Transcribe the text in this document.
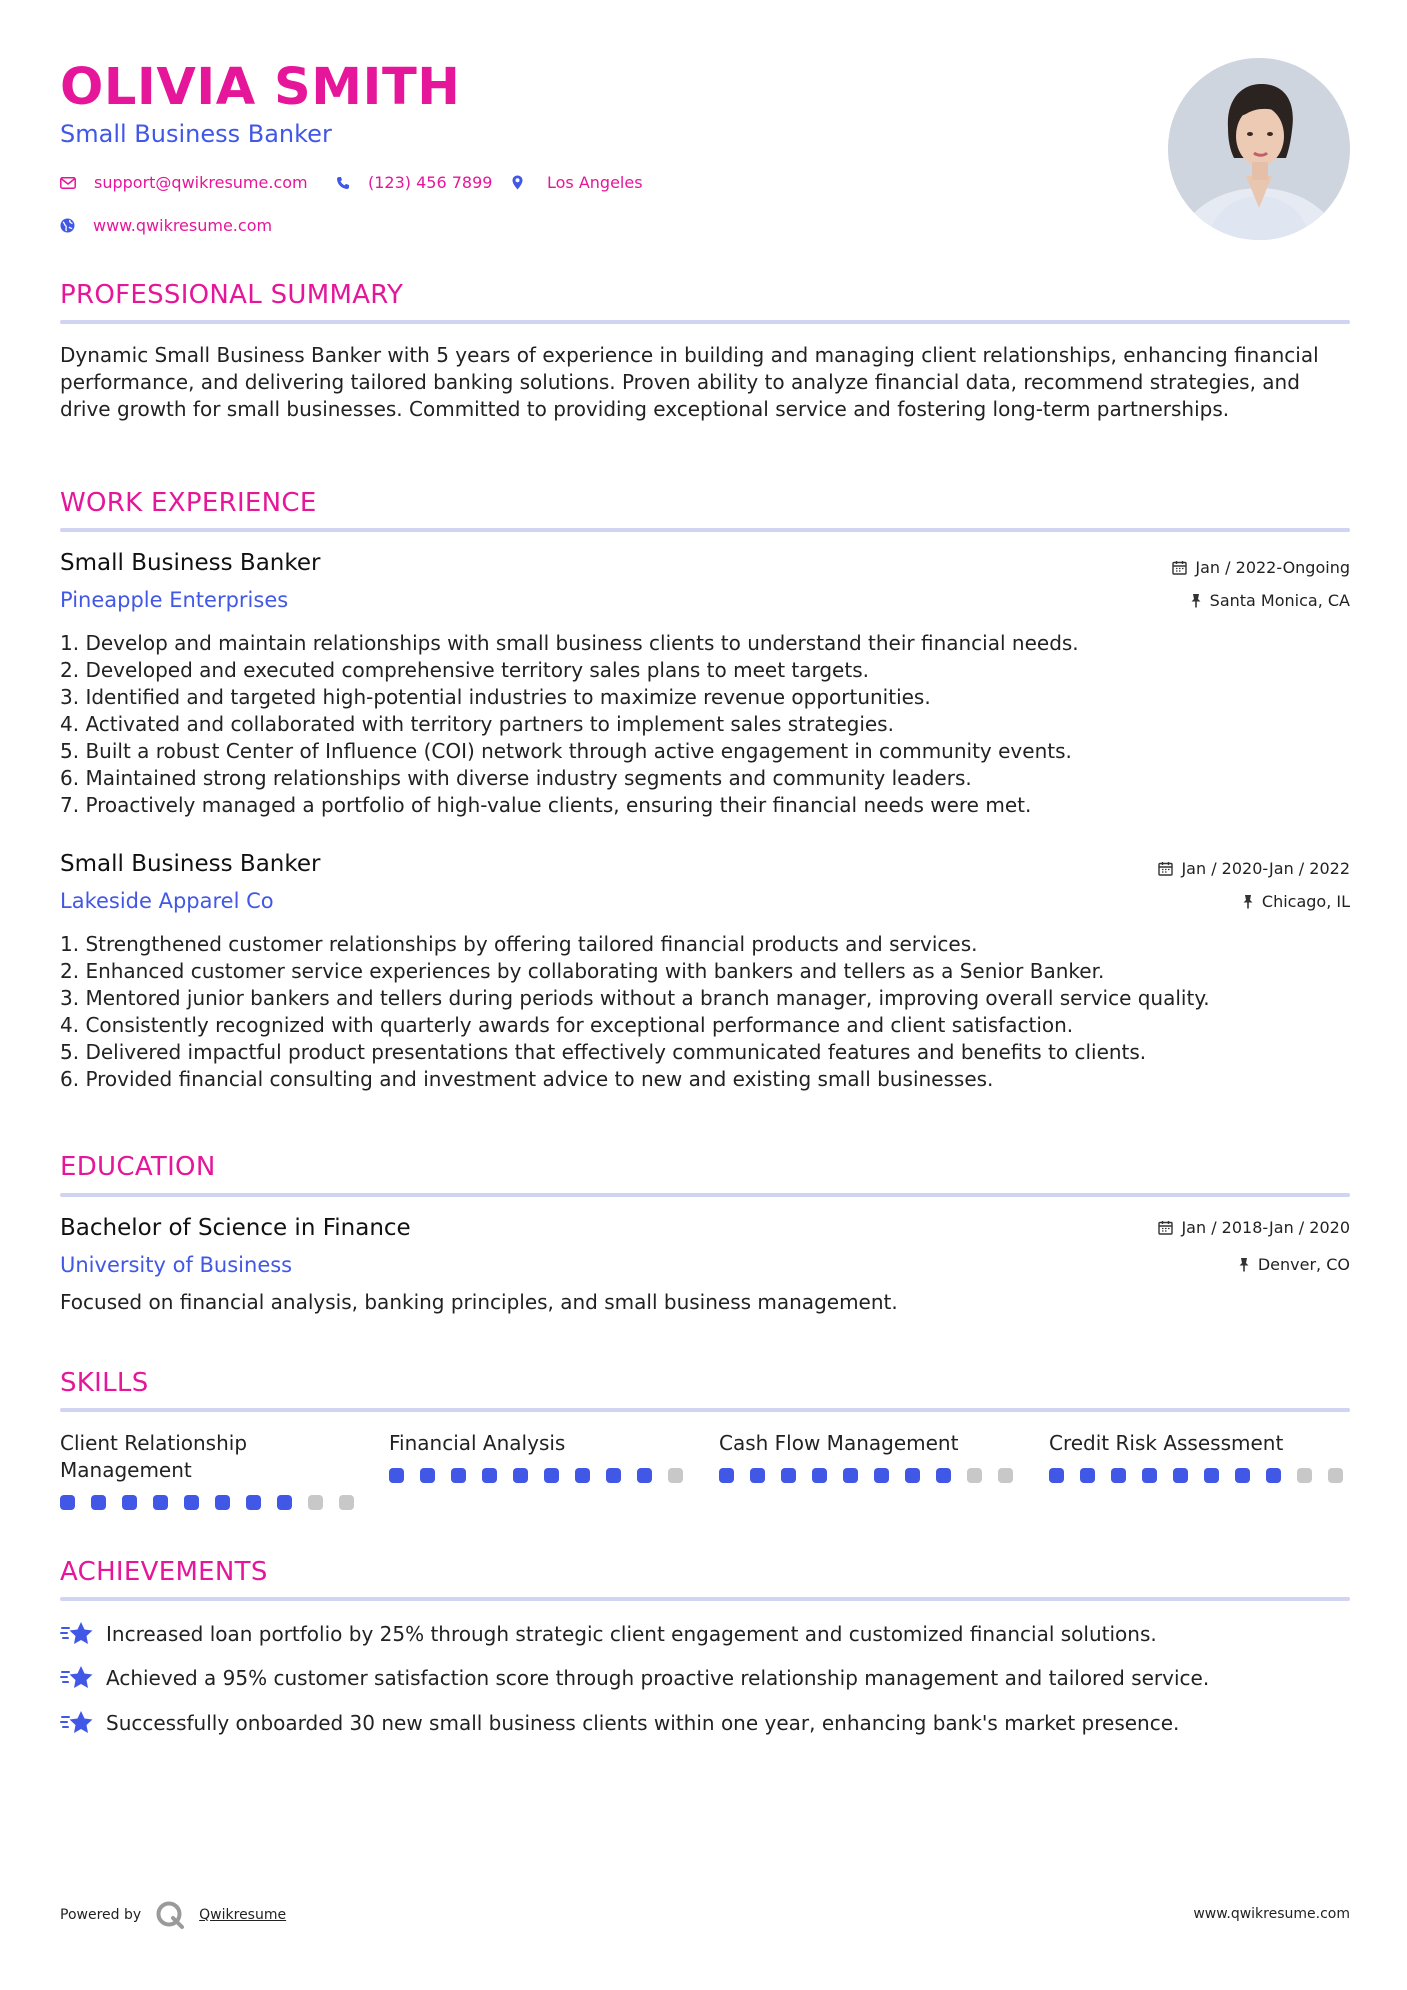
OLIVIA SMITH
Small Business Banker
support@qwikresume.com	(123) 456 7899	Los Angeles
www.qwikresume.com
PROFESSIONAL SUMMARY
Dynamic Small Business Banker with 5 years of experience in building and managing client relationships, enhancing financial performance, and delivering tailored banking solutions. Proven ability to analyze financial data, recommend strategies, and drive growth for small businesses. Committed to providing exceptional service and fostering long-term partnerships.
WORK EXPERIENCE
Small Business Banker
Pineapple Enterprises
Jan / 2022-Ongoing
Santa Monica, CA
1. Develop and maintain relationships with small business clients to understand their financial needs.
2. Developed and executed comprehensive territory sales plans to meet targets.
3. Identified and targeted high-potential industries to maximize revenue opportunities.
4. Activated and collaborated with territory partners to implement sales strategies.
5. Built a robust Center of Influence (COI) network through active engagement in community events.
6. Maintained strong relationships with diverse industry segments and community leaders.
7. Proactively managed a portfolio of high-value clients, ensuring their financial needs were met.
Small Business Banker
Lakeside Apparel Co
Jan / 2020-Jan / 2022
Chicago, IL
1. Strengthened customer relationships by offering tailored financial products and services.
2. Enhanced customer service experiences by collaborating with bankers and tellers as a Senior Banker.
3. Mentored junior bankers and tellers during periods without a branch manager, improving overall service quality.
4. Consistently recognized with quarterly awards for exceptional performance and client satisfaction.
5. Delivered impactful product presentations that effectively communicated features and benefits to clients.
6. Provided financial consulting and investment advice to new and existing small businesses.
EDUCATION
Bachelor of Science in Finance
University of Business
Jan / 2018-Jan / 2020
Denver, CO
Focused on financial analysis, banking principles, and small business management.
SKILLS
Client Relationship Management
Financial Analysis	Cash Flow Management	Credit Risk Assessment
ACHIEVEMENTS
Increased loan portfolio by 25% through strategic client engagement and customized financial solutions.
Achieved a 95% customer satisfaction score through proactive relationship management and tailored service.
Successfully onboarded 30 new small business clients within one year, enhancing bank's market presence.
Powered by	Qwikresume	www.qwikresume.com
